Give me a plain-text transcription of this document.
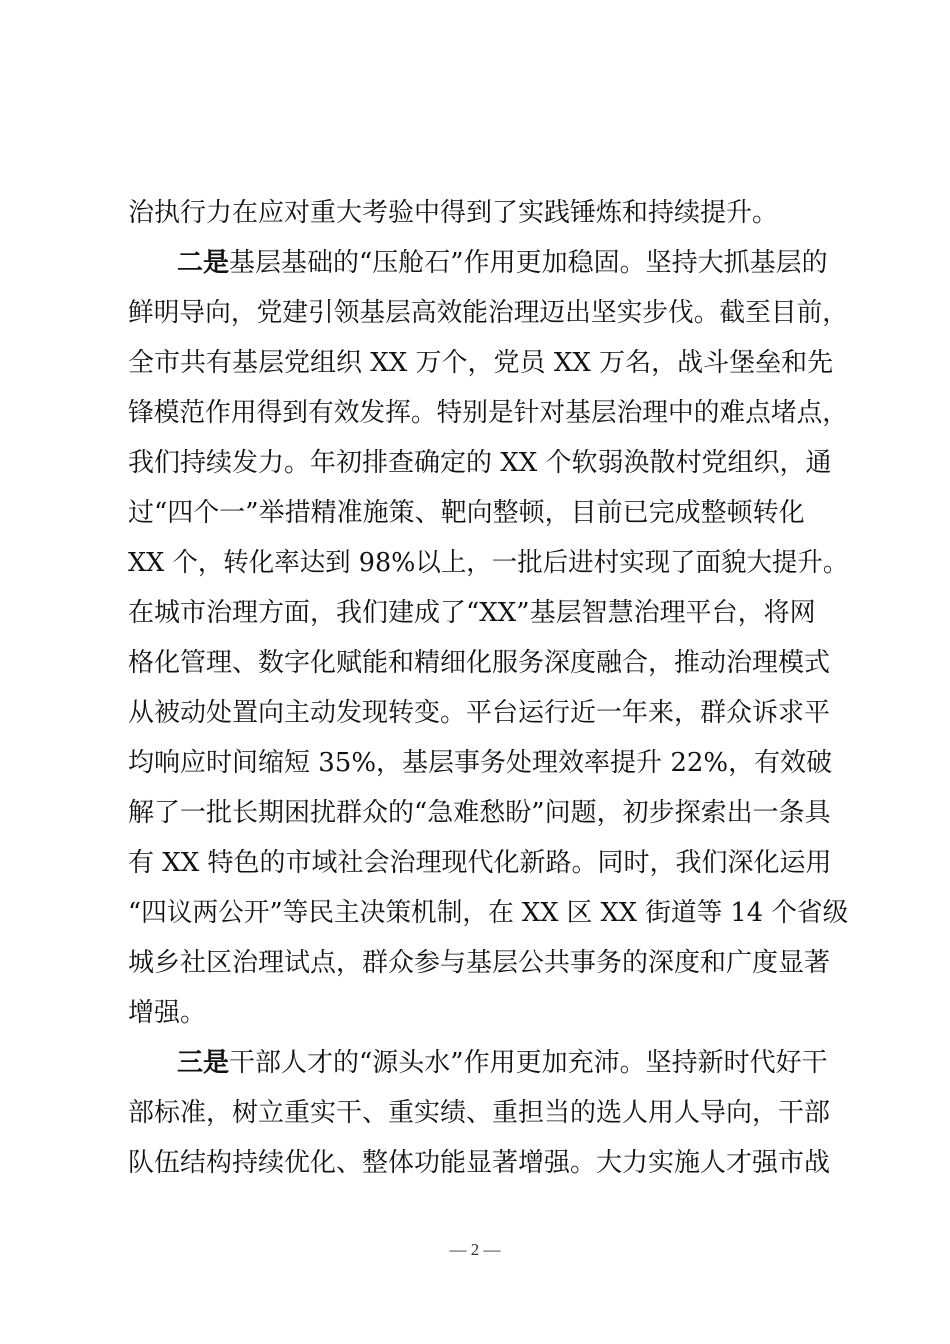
治执行力在应对重大考验中得到了实践锤炼和持续提升。
二是基层基础的“压舱石”作用更加稳固。坚持大抓基层的
鲜明导向，党建引领基层高效能治理迈出坚实步伐。截至目前，
全市共有基层党组织 XX 万个，党员 XX 万名，战斗堡垒和先
锋模范作用得到有效发挥。特别是针对基层治理中的难点堵点，
我们持续发力。年初排查确定的 XX 个软弱涣散村党组织，通
过“四个一”举措精准施策、靶向整顿，目前已完成整顿转化
XX 个，转化率达到 98%以上，一批后进村实现了面貌大提升。
在城市治理方面，我们建成了“XX”基层智慧治理平台，将网
格化管理、数字化赋能和精细化服务深度融合，推动治理模式
从被动处置向主动发现转变。平台运行近一年来，群众诉求平
均响应时间缩短 35%，基层事务处理效率提升 22%，有效破
解了一批长期困扰群众的“急难愁盼”问题，初步探索出一条具
有 XX 特色的市域社会治理现代化新路。同时，我们深化运用
“四议两公开”等民主决策机制，在 XX 区 XX 街道等 14 个省级
城乡社区治理试点，群众参与基层公共事务的深度和广度显著
增强。
三是干部人才的“源头水”作用更加充沛。坚持新时代好干
部标准，树立重实干、重实绩、重担当的选人用人导向，干部
队伍结构持续优化、整体功能显著增强。大力实施人才强市战
— 2 —
